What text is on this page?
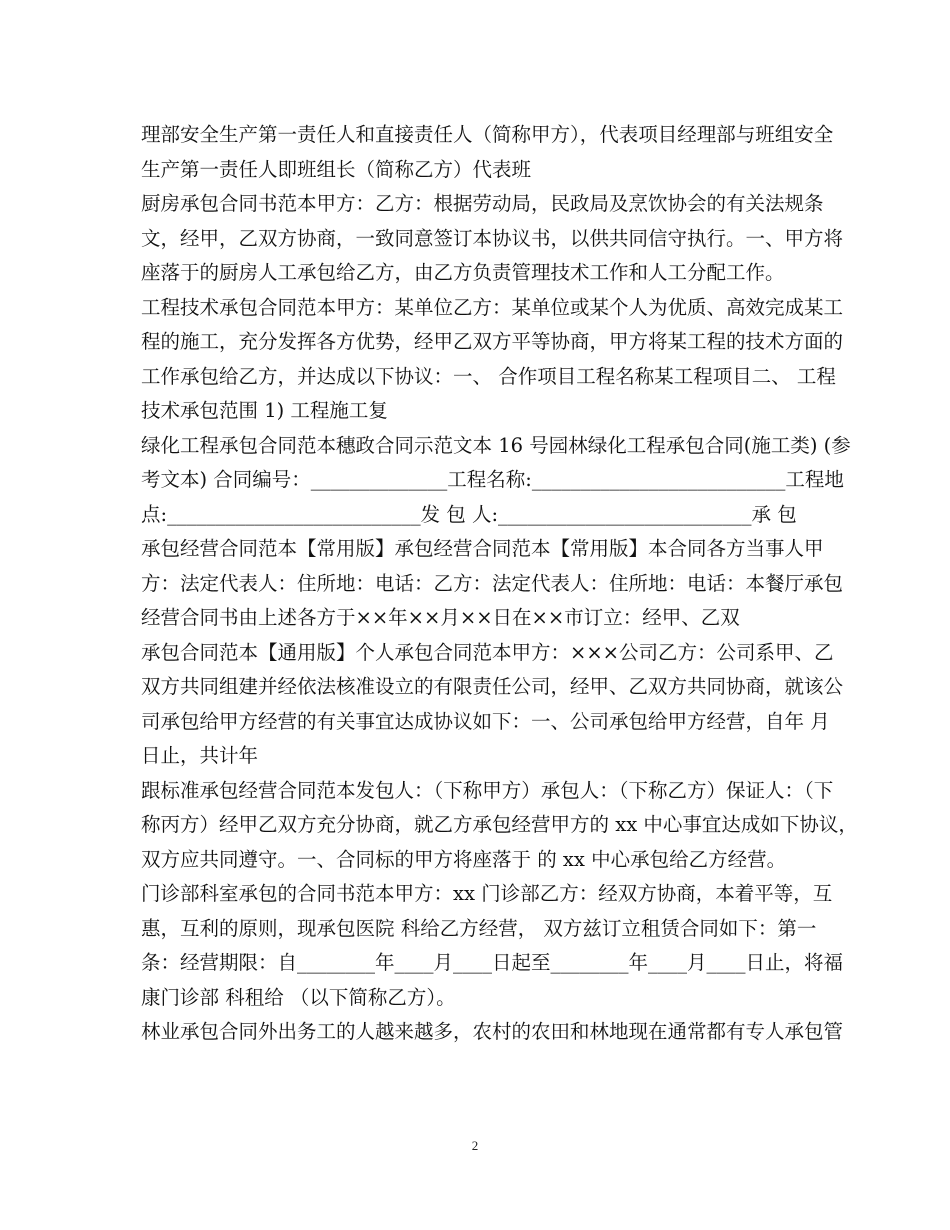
理部安全生产第一责任人和直接责任人（简称甲方），代表项目经理部与班组安全
生产第一责任人即班组长（简称乙方）代表班
厨房承包合同书范本甲方：乙方：根据劳动局，民政局及烹饮协会的有关法规条
文，经甲，乙双方协商，一致同意签订本协议书，以供共同信守执行。一、甲方将
座落于的厨房人工承包给乙方，由乙方负责管理技术工作和人工分配工作。
工程技术承包合同范本甲方：某单位乙方：某单位或某个人为优质、高效完成某工
程的施工，充分发挥各方优势，经甲乙双方平等协商，甲方将某工程的技术方面的
工作承包给乙方，并达成以下协议：一、 合作项目工程名称某工程项目二、 工程
技术承包范围 1) 工程施工复
绿化工程承包合同范本穗政合同示范文本 16 号园林绿化工程承包合同(施工类) (参
考文本) 合同编号：______________工程名称:__________________________工程地
点:__________________________发 包 人:__________________________承 包
承包经营合同范本【常用版】承包经营合同范本【常用版】本合同各方当事人甲
方：法定代表人：住所地：电话：乙方：法定代表人：住所地：电话：本餐厅承包
经营合同书由上述各方于××年××月××日在××市订立：经甲、乙双
承包合同范本【通用版】个人承包合同范本甲方：×××公司乙方：公司系甲、乙
双方共同组建并经依法核准设立的有限责任公司，经甲、乙双方共同协商，就该公
司承包给甲方经营的有关事宜达成协议如下：一、公司承包给甲方经营，自年 月
日止，共计年
跟标准承包经营合同范本发包人：（下称甲方）承包人：（下称乙方）保证人：（下
称丙方）经甲乙双方充分协商，就乙方承包经营甲方的 xx 中心事宜达成如下协议，
双方应共同遵守。一、合同标的甲方将座落于 的 xx 中心承包给乙方经营。
门诊部科室承包的合同书范本甲方：xx 门诊部乙方：经双方协商，本着平等，互
惠，互利的原则，现承包医院 科给乙方经营， 双方兹订立租赁合同如下：第一
条：经营期限：自________年____月____日起至________年____月____日止，将福
康门诊部 科租给 （以下简称乙方）。
林业承包合同外出务工的人越来越多，农村的农田和林地现在通常都有专人承包管
2
